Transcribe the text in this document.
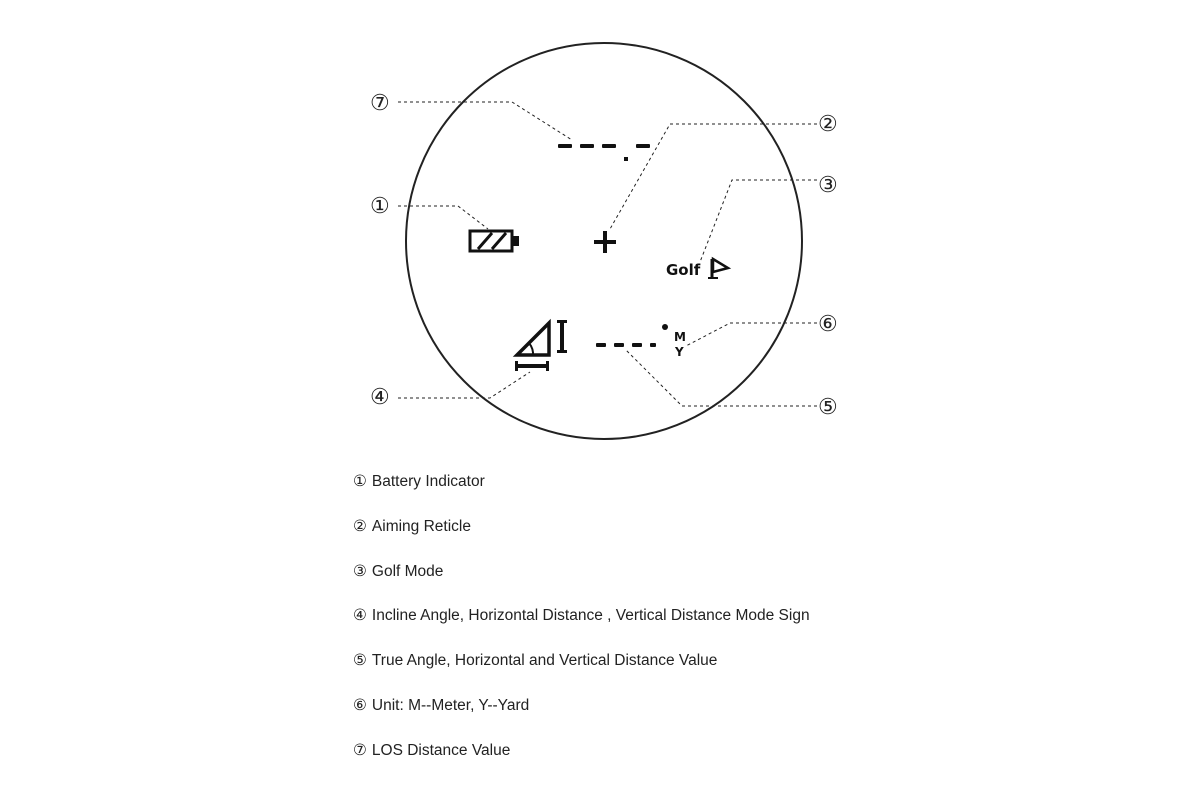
Golf
M
Y
⑦
②
③
①
⑥
④	⑤
① Battery Indicator
② Aiming Reticle
③ Golf Mode
④ Incline Angle, Horizontal Distance , Vertical Distance Mode Sign
⑤ True Angle, Horizontal and Vertical Distance Value
⑥ Unit: M--Meter, Y--Yard
⑦ LOS Distance Value
